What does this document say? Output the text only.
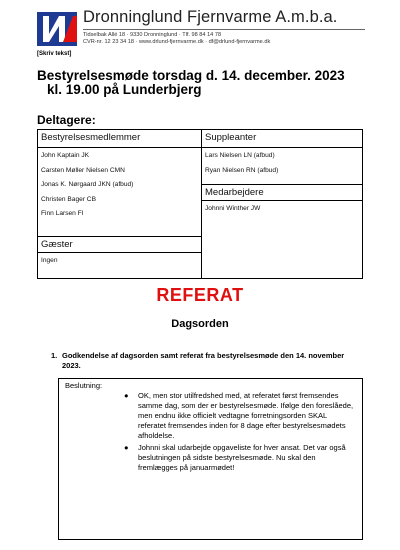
Dronninglund Fjernvarme A.m.b.a.
Tidselbak Allé 18 · 9330 Dronninglund · Tlf. 98 84 14 78
CVR-nr. 12 23 34 18 · www.drlund-fjernvarme.dk · df@drlund-fjernvarme.dk
[Skriv tekst]
Bestyrelsesmøde torsdag d. 14. december. 2023
kl. 19.00 på Lunderbjerg
Deltagere:
Bestyrelsesmedlemmer
John Kaptain JK
Carsten Møller Nielsen CMN
Jonas K. Nørgaard JKN (afbud)
Christen Bager CB
Finn Larsen FI
Suppleanter
Lars Nielsen LN (afbud)
Ryan Nielsen RN (afbud)
Medarbejdere
Johnni Winther JW
Gæster
Ingen
REFERAT
Dagsorden
1. Godkendelse af dagsorden samt referat fra bestyrelsesmøde den 14. november 2023.
Beslutning:
● OK, men stor utilfredshed med, at referatet først fremsendes samme dag, som der er bestyrelsesmøde. Ifølge den foreslåede, men endnu ikke officielt vedtagne forretningsorden SKAL referatet fremsendes inden for 8 dage efter bestyrelsesmødets afholdelse.
● Johnni skal udarbejde opgaveliste for hver ansat. Det var også beslutningen på sidste bestyrelsesmøde. Nu skal den fremlægges på januarmødet!
